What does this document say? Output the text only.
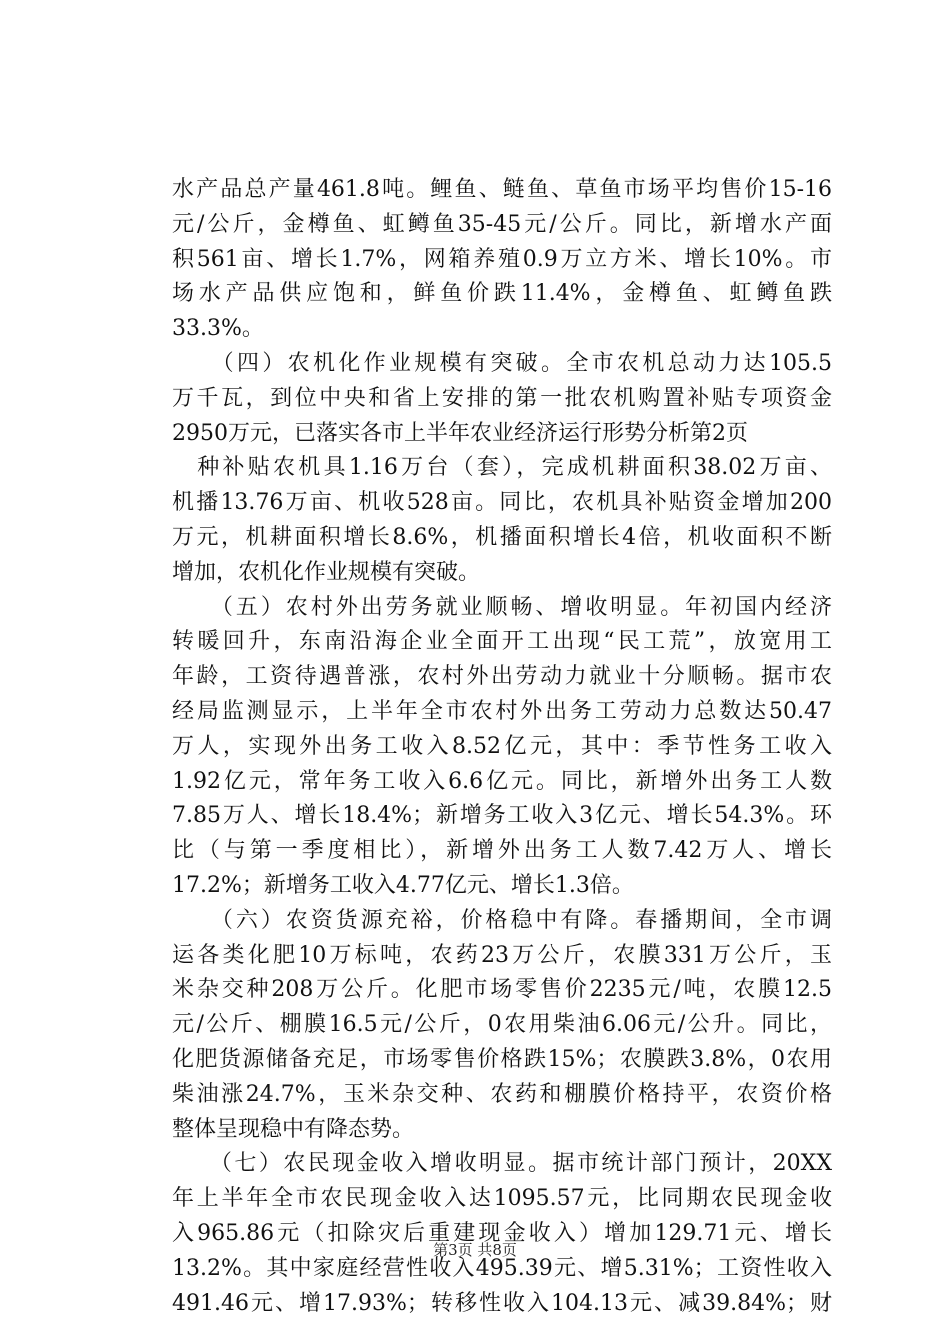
水产品总产量461.8吨。鲤鱼、鲢鱼、草鱼市场平均售价15-16
元/公斤，金樽鱼、虹鳟鱼35-45元/公斤。同比，新增水产面
积561亩、增长1.7%，网箱养殖0.9万立方米、增长10%。市
场水产品供应饱和，鲜鱼价跌11.4%，金樽鱼、虹鳟鱼跌
33.3%。
　　（四）农机化作业规模有突破。全市农机总动力达105.5
万千瓦，到位中央和省上安排的第一批农机购置补贴专项资金
2950万元，已落实各市上半年农业经济运行形势分析第2页
　种补贴农机具1.16万台（套），完成机耕面积38.02万亩、
机播13.76万亩、机收528亩。同比，农机具补贴资金增加200
万元，机耕面积增长8.6%，机播面积增长4倍，机收面积不断
增加，农机化作业规模有突破。
　　（五）农村外出劳务就业顺畅、增收明显。年初国内经济
转暖回升，东南沿海企业全面开工出现“民工荒”，放宽用工
年龄，工资待遇普涨，农村外出劳动力就业十分顺畅。据市农
经局监测显示，上半年全市农村外出务工劳动力总数达50.47
万人，实现外出务工收入8.52亿元，其中：季节性务工收入
1.92亿元，常年务工收入6.6亿元。同比，新增外出务工人数
7.85万人、增长18.4%；新增务工收入3亿元、增长54.3%。环
比（与第一季度相比），新增外出务工人数7.42万人、增长
17.2%；新增务工收入4.77亿元、增长1.3倍。
　　（六）农资货源充裕，价格稳中有降。春播期间，全市调
运各类化肥10万标吨，农药23万公斤，农膜331万公斤，玉
米杂交种208万公斤。化肥市场零售价2235元/吨，农膜12.5
元/公斤、棚膜16.5元/公斤，0农用柴油6.06元/公升。同比，
化肥货源储备充足，市场零售价格跌15%；农膜跌3.8%，0农用
柴油涨24.7%，玉米杂交种、农药和棚膜价格持平，农资价格
整体呈现稳中有降态势。
　　（七）农民现金收入增收明显。据市统计部门预计，20XX
年上半年全市农民现金收入达1095.57元，比同期农民现金收
入965.86元（扣除灾后重建现金收入）增加129.71元、增长
13.2%。其中家庭经营性收入495.39元、增5.31%；工资性收入
491.46元、增17.93%；转移性收入104.13元、减39.84%；财
第3页 共8页
